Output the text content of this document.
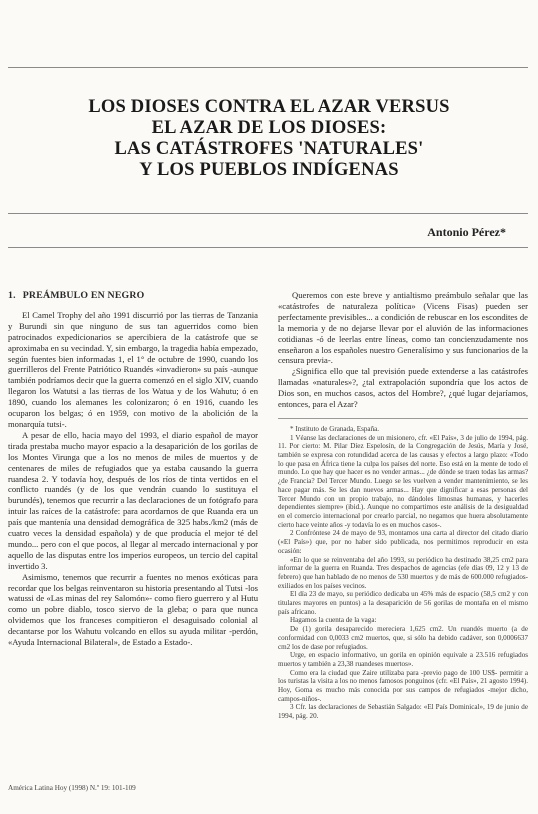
LOS DIOSES CONTRA EL AZAR VERSUS
EL AZAR DE LOS DIOSES:
LAS CATÁSTROFES 'NATURALES'
Y LOS PUEBLOS INDÍGENAS
Antonio Pérez*
1. PREÁMBULO EN NEGRO

El Camel Trophy del año 1991 discurrió por las tierras de Tanzania y Burundi sin que ninguno de sus tan aguerridos como bien patrocinados expedicionarios se apercibiera de la catástrofe que se aproximaba en su vecindad. Y, sin embargo, la tragedia había empezado, según fuentes bien informadas 1, el 1° de octubre de 1990, cuando los guerrilleros del Frente Patriótico Ruandés «invadieron» su país -aunque también podríamos decir que la guerra comenzó en el siglo XIV, cuando llegaron los Watutsi a las tierras de los Watua y de los Wahutu; ó en 1890, cuando los alemanes les colonizaron; ó en 1916, cuando les ocuparon los belgas; ó en 1959, con motivo de la abolición de la monarquía tutsi-.

A pesar de ello, hacia mayo del 1993, el diario español de mayor tirada prestaba mucho mayor espacio a la desaparición de los gorilas de los Montes Virunga que a los no menos de miles de muertos y de centenares de miles de refugiados que ya estaba causando la guerra ruandesa 2. Y todavía hoy, después de los ríos de tinta vertidos en el conflicto ruandés (y de los que vendrán cuando lo sustituya el burundés), tenemos que recurrir a las declaraciones de un fotógrafo para intuir las raíces de la catástrofe: para acordarnos de que Ruanda era un país que mantenía una densidad demográfica de 325 habs./km2 (más de cuatro veces la densidad española) y de que producía el mejor té del mundo... pero con el que pocos, al llegar al mercado internacional y por aquello de las disputas entre los imperios europeos, un tercio del capital invertido 3.

Asimismo, tenemos que recurrir a fuentes no menos exóticas para recordar que los belgas reinventaron su historia presentando al Tutsi -los watussi de «Las minas del rey Salomón»- como fiero guerrero y al Hutu como un pobre diablo, tosco siervo de la gleba; o para que nunca olvidemos que los franceses compitieron el desaguisado colonial al decantarse por los Wahutu volcando en ellos su ayuda militar -perdón, «Ayuda Internacional Bilateral», de Estado a Estado-.

Queremos con este breve y antialtismo preámbulo señalar que las «catástrofes de naturaleza política» (Vicens Fisas) pueden ser perfectamente previsibles... a condición de rebuscar en los escondites de la memoria y de no dejarse llevar por el aluvión de las informaciones cotidianas -ó de leerlas entre líneas, como tan concienzudamente nos enseñaron a los españoles nuestro Generalísimo y sus funcionarios de la censura previa-.

¿Significa ello que tal previsión puede extenderse a las catástrofes llamadas «naturales»?, ¿tal extrapolación supondría que los actos de Dios son, en muchos casos, actos del Hombre?, ¿qué lugar dejaríamos, entonces, para el Azar?

* Instituto de Granada, España.

1 Véanse las declaraciones de un misionero, cfr. «El País», 3 de julio de 1994, pág. 11. Por cierto: M. Pilar Díez Espelosín, de la Congregación de Jesús, María y José, también se expresa con rotundidad acerca de las causas y efectos a largo plazo: «Todo lo que pasa en África tiene la culpa los países del norte. Eso está en la mente de todo el mundo. Lo que hay que hacer es no vender armas... ¿de dónde se traen todas las armas? ¿de Francia? Del Tercer Mundo. Luego se les vuelven a vender mantenimiento, se les hace pagar más. Se les dan nuevos armas... Hay que dignificar a esas personas del Tercer Mundo con un propio trabajo, no dándoles limosnas humanas, y hacerles dependientes siempre» (ibid.). Aunque no compartimos este análisis de la desigualdad en el comercio internacional por crearlo parcial, no negamos que huera absolutamente cierto hace veinte años -y todavía lo es en muchos casos-.

2 Confróntese 24 de mayo de 93, montamos una carta al director del citado diario («El País») que, por no haber sido publicada, nos permitimos reproducir en esta ocasión:

«En lo que se reinventaba del año 1993, su periódico ha destinado 38,25 cm2 para informar de la guerra en Ruanda. Tres despachos de agencias (efe días 09, 12 y 13 de febrero) que han hablado de no menos de 530 muertos y de más de 600.000 refugiados-exiliados en los países vecinos.

El día 23 de mayo, su periódico dedicaba un 45% más de espacio (58,5 cm2 y con titulares mayores en puntos) a la desaparición de 56 gorilas de montaña en el mismo país africano.

Hagamos la cuenta de la vaga:

De (1) gorila desaparecido mereciera 1,625 cm2. Un ruandés muerto (a de conformidad con 0,0033 cm2 muertos, que, si sólo ha debido cadáver, son 0,0006637 cm2 los de dase por refugiados.

Urge, en espacio informativo, un gorila en opinión equivale a 23.516 refugiados muertos y también a 23,38 ruandeses muertos».

Como era la ciudad que Zaire utilizaba para -previo pago de 100 US$- permitir a los turistas la visita a los no menos famosos ponguinos (cfr. «El País», 21 agosto 1994). Hoy, Goma es mucho más conocida por sus campos de refugiados -mejor dicho, campos-niños-.

3 Cfr. las declaraciones de Sebastián Salgado: «El País Dominical», 19 de junio de 1994, pág. 20.

América Latina Hoy (1998) N.º 19: 101-109
